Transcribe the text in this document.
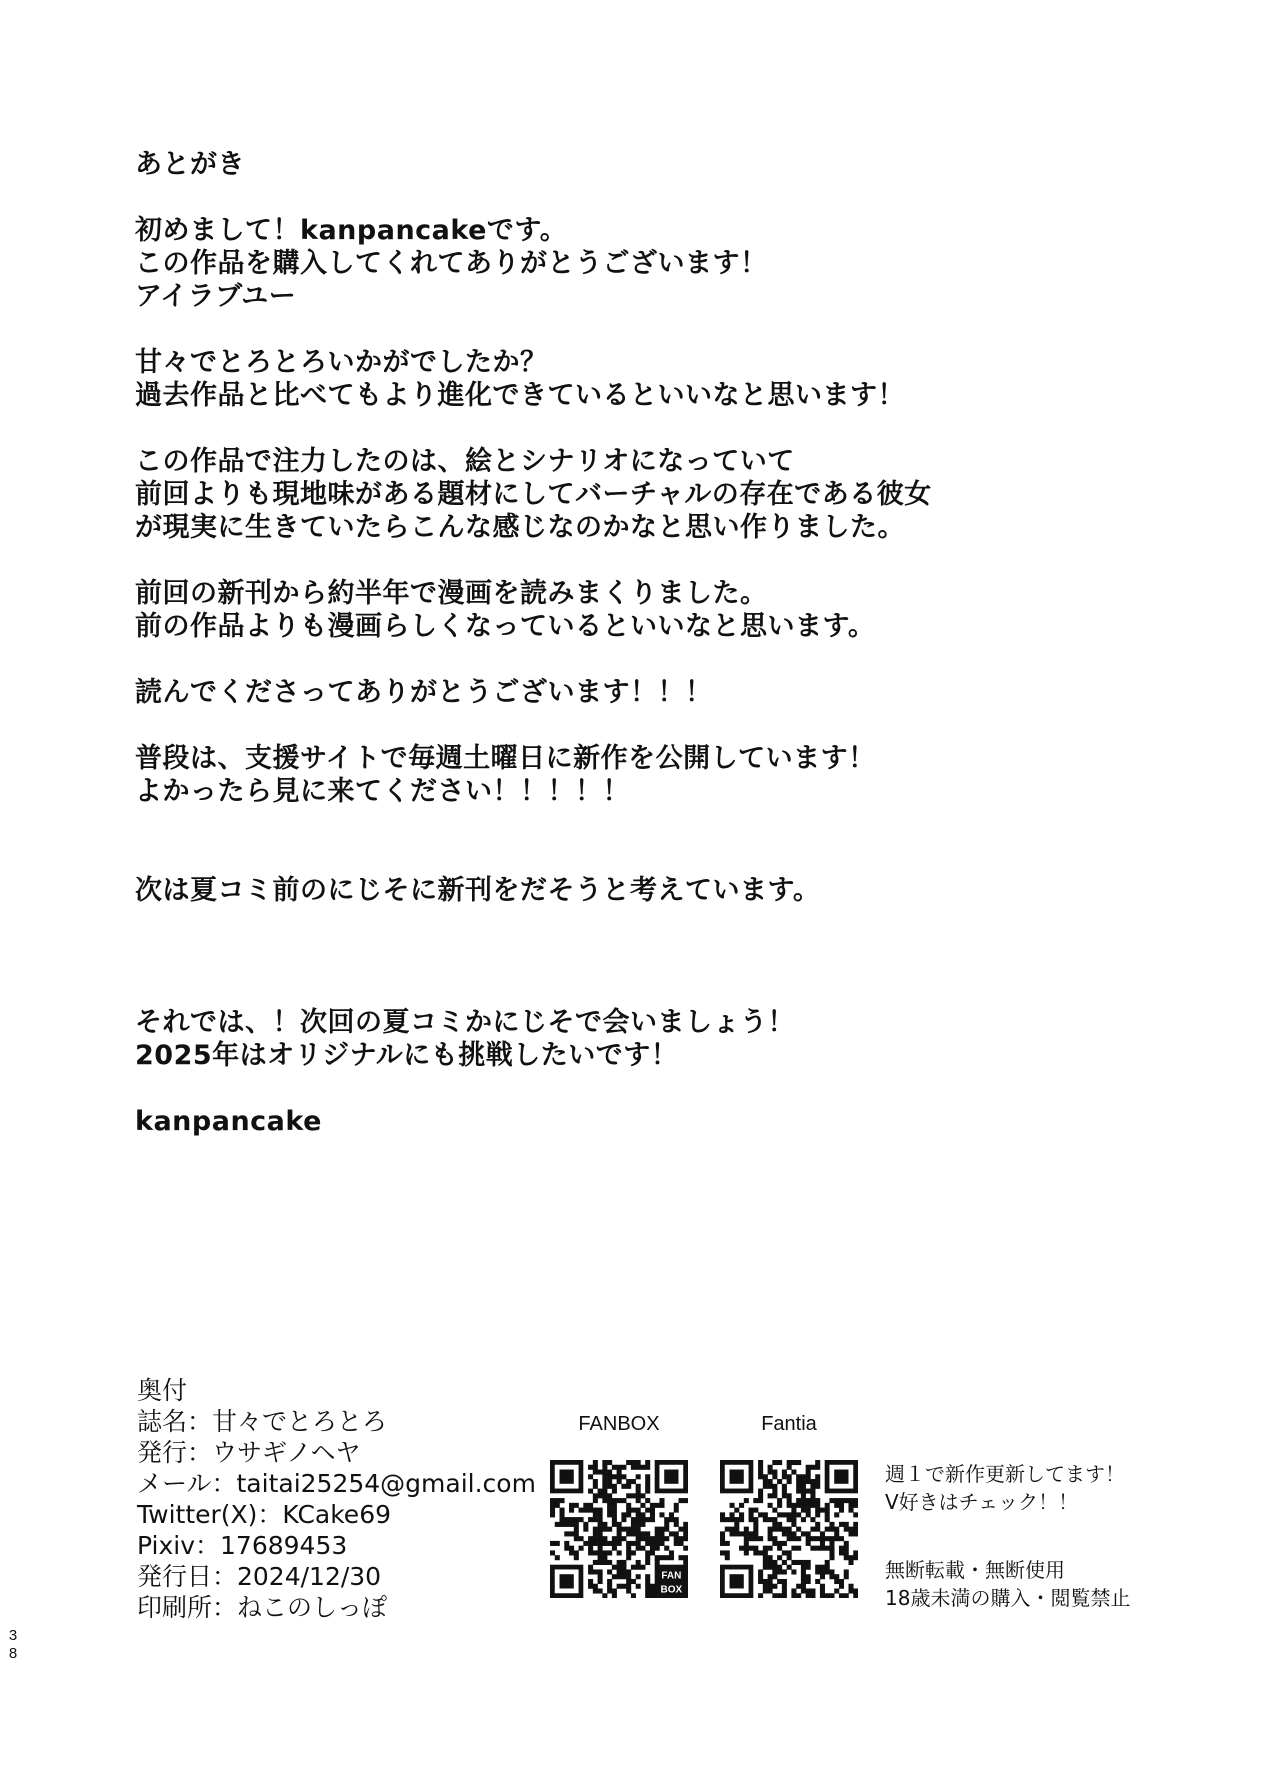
あとがき
初めまして！kanpancakeです。
この作品を購入してくれてありがとうございます！
アイラブユー
甘々でとろとろいかがでしたか？
過去作品と比べてもより進化できているといいなと思います！
この作品で注力したのは、絵とシナリオになっていて
前回よりも現地味がある題材にしてバーチャルの存在である彼女
が現実に生きていたらこんな感じなのかなと思い作りました。
前回の新刊から約半年で漫画を読みまくりました。
前の作品よりも漫画らしくなっているといいなと思います。
読んでくださってありがとうございます！！！
普段は、支援サイトで毎週土曜日に新作を公開しています！
よかったら見に来てください！！！！！
次は夏コミ前のにじそに新刊をだそうと考えています。
それでは、！次回の夏コミかにじそで会いましょう！
2025年はオリジナルにも挑戦したいです！
kanpancake
奥付
誌名：甘々でとろとろ
発行：ウサギノヘヤ
メール：taitai25254@gmail.com
Twitter(X)：KCake69
Pixiv：17689453
発行日：2024/12/30
印刷所：ねこのしっぽ
FANBOX
FAN
BOX
Fantia
週１で新作更新してます！
V好きはチェック！！
無断転載・無断使用
18歳未満の購入・閲覧禁止
3
8
